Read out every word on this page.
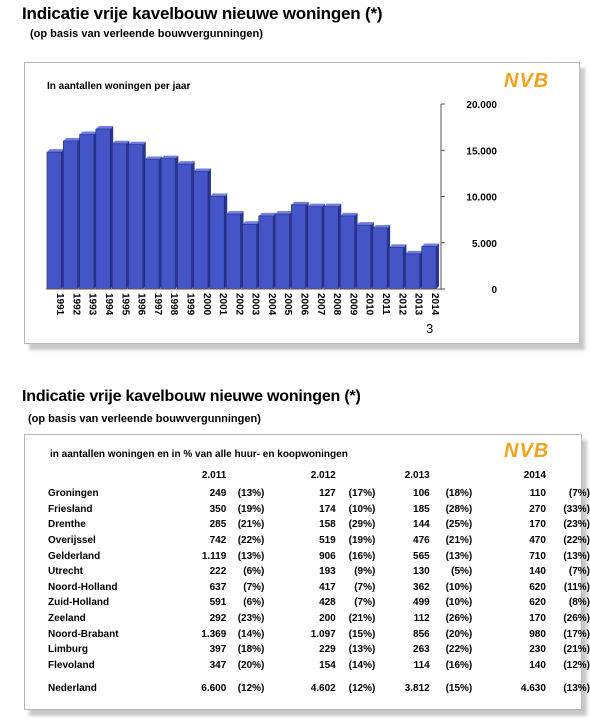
Indicatie vrije kavelbouw nieuwe woningen (*)
(op basis van verleende bouwvergunningen)
NVB
In aantallen woningen per jaar
0
5.000
10.000
15.000
20.000
1991 1992 1993 1994 1995 1996 1997 1998 1999 2000 2001 2002 2003 2004 2005 2006 2007 2008 2009 2010 2011 2012 2013 2014
3
Indicatie vrije kavelbouw nieuwe woningen (*)
(op basis van verleende bouwvergunningen)
NVB
in aantallen woningen en in % van alle huur- en koopwoningen
	2.011		2.012		2.013		2014	
Groningen	249	(13%)	127	(17%)	106	(18%)	110	(7%)
Friesland	350	(19%)	174	(10%)	185	(28%)	270	(33%)
Drenthe	285	(21%)	158	(29%)	144	(25%)	170	(23%)
Overijssel	742	(22%)	519	(19%)	476	(21%)	470	(22%)
Gelderland	1.119	(13%)	906	(16%)	565	(13%)	710	(13%)
Utrecht	222	(6%)	193	(9%)	130	(5%)	140	(7%)
Noord-Holland	637	(7%)	417	(7%)	362	(10%)	620	(11%)
Zuid-Holland	591	(6%)	428	(7%)	499	(10%)	620	(8%)
Zeeland	292	(23%)	200	(21%)	112	(26%)	170	(26%)
Noord-Brabant	1.369	(14%)	1.097	(15%)	856	(20%)	980	(17%)
Limburg	397	(18%)	229	(13%)	263	(22%)	230	(21%)
Flevoland	347	(20%)	154	(14%)	114	(16%)	140	(12%)
Nederland	6.600	(12%)	4.602	(12%)	3.812	(15%)	4.630	(13%)
